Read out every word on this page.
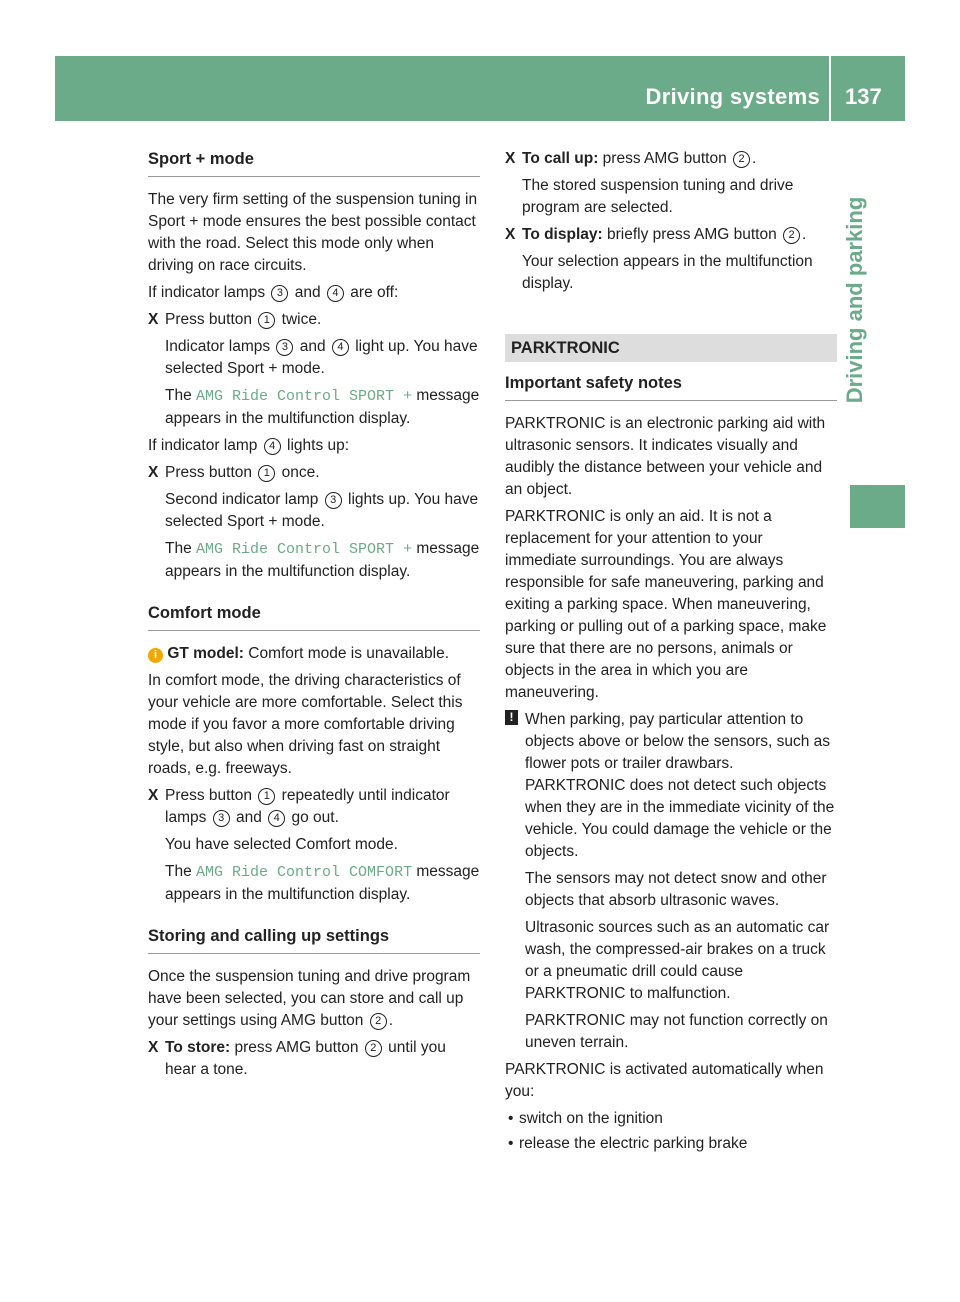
Driving systems 137
Driving and parking
Sport + mode

The very firm setting of the suspension tuning in Sport + mode ensures the best possible contact with the road. Select this mode only when driving on race circuits.

If indicator lamps 3 and 4 are off:

X Press button 1 twice.
Indicator lamps 3 and 4 light up. You have selected Sport + mode.
The AMG Ride Control SPORT + message appears in the multifunction display.

If indicator lamp 4 lights up:

X Press button 1 once.
Second indicator lamp 3 lights up. You have selected Sport + mode.
The AMG Ride Control SPORT + message appears in the multifunction display.
Comfort mode

i GT model: Comfort mode is unavailable.

In comfort mode, the driving characteristics of your vehicle are more comfortable. Select this mode if you favor a more comfortable driving style, but also when driving fast on straight roads, e.g. freeways.

X Press button 1 repeatedly until indicator lamps 3 and 4 go out.
You have selected Comfort mode.
The AMG Ride Control COMFORT message appears in the multifunction display.
Storing and calling up settings

Once the suspension tuning and drive program have been selected, you can store and call up your settings using AMG button 2 .

X To store: press AMG button 2 until you hear a tone.
X To call up: press AMG button 2 .
The stored suspension tuning and drive program are selected.
X To display: briefly press AMG button 2 .
Your selection appears in the multifunction display.
PARKTRONIC
Important safety notes

PARKTRONIC is an electronic parking aid with ultrasonic sensors. It indicates visually and audibly the distance between your vehicle and an object.

PARKTRONIC is only an aid. It is not a replacement for your attention to your immediate surroundings. You are always responsible for safe maneuvering, parking and exiting a parking space. When maneuvering, parking or pulling out of a parking space, make sure that there are no persons, animals or objects in the area in which you are maneuvering.

! When parking, pay particular attention to objects above or below the sensors, such as flower pots or trailer drawbars. PARKTRONIC does not detect such objects when they are in the immediate vicinity of the vehicle. You could damage the vehicle or the objects.
The sensors may not detect snow and other objects that absorb ultrasonic waves.
Ultrasonic sources such as an automatic car wash, the compressed-air brakes on a truck or a pneumatic drill could cause PARKTRONIC to malfunction.
PARKTRONIC may not function correctly on uneven terrain.

PARKTRONIC is activated automatically when you:

• switch on the ignition
• release the electric parking brake
